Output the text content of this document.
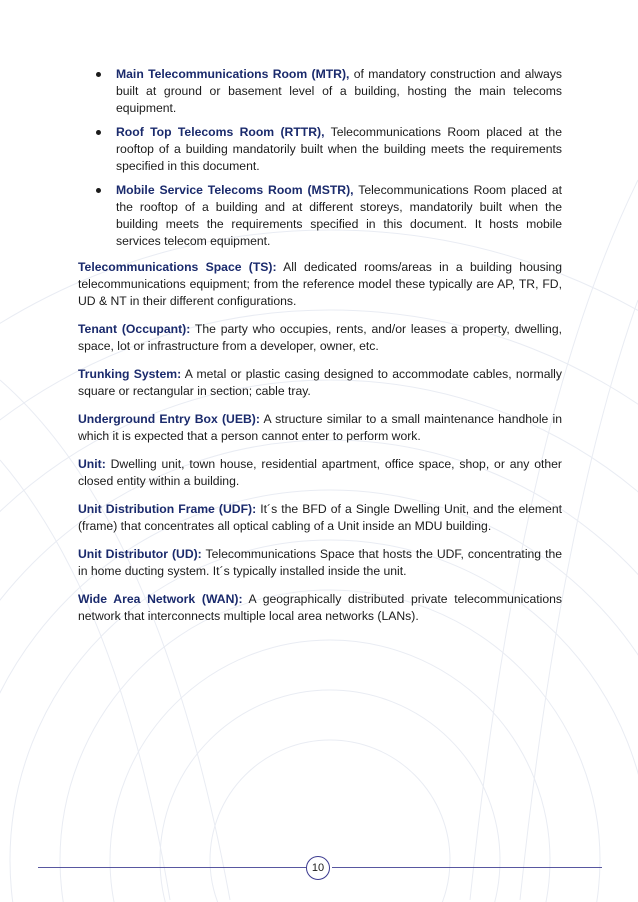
Main Telecommunications Room (MTR), of mandatory construction and always built at ground or basement level of a building, hosting the main telecoms equipment.
Roof Top Telecoms Room (RTTR), Telecommunications Room placed at the rooftop of a building mandatorily built when the building meets the requirements specified in this document.
Mobile Service Telecoms Room (MSTR), Telecommunications Room placed at the rooftop of a building and at different storeys, mandatorily built when the building meets the requirements specified in this document. It hosts mobile services telecom equipment.

Telecommunications Space (TS): All dedicated rooms/areas in a building housing telecommunications equipment; from the reference model these typically are AP, TR, FD, UD & NT in their different configurations.

Tenant (Occupant): The party who occupies, rents, and/or leases a property, dwelling, space, lot or infrastructure from a developer, owner, etc.

Trunking System: A metal or plastic casing designed to accommodate cables, normally square or rectangular in section; cable tray.

Underground Entry Box (UEB): A structure similar to a small maintenance handhole in which it is expected that a person cannot enter to perform work.

Unit: Dwelling unit, town house, residential apartment, office space, shop, or any other closed entity within a building.

Unit Distribution Frame (UDF): It´s the BFD of a Single Dwelling Unit, and the element (frame) that concentrates all optical cabling of a Unit inside an MDU building.

Unit Distributor (UD): Telecommunications Space that hosts the UDF, concentrating the in home ducting system. It´s typically installed inside the unit.

Wide Area Network (WAN): A geographically distributed private telecommunications network that interconnects multiple local area networks (LANs).

10
